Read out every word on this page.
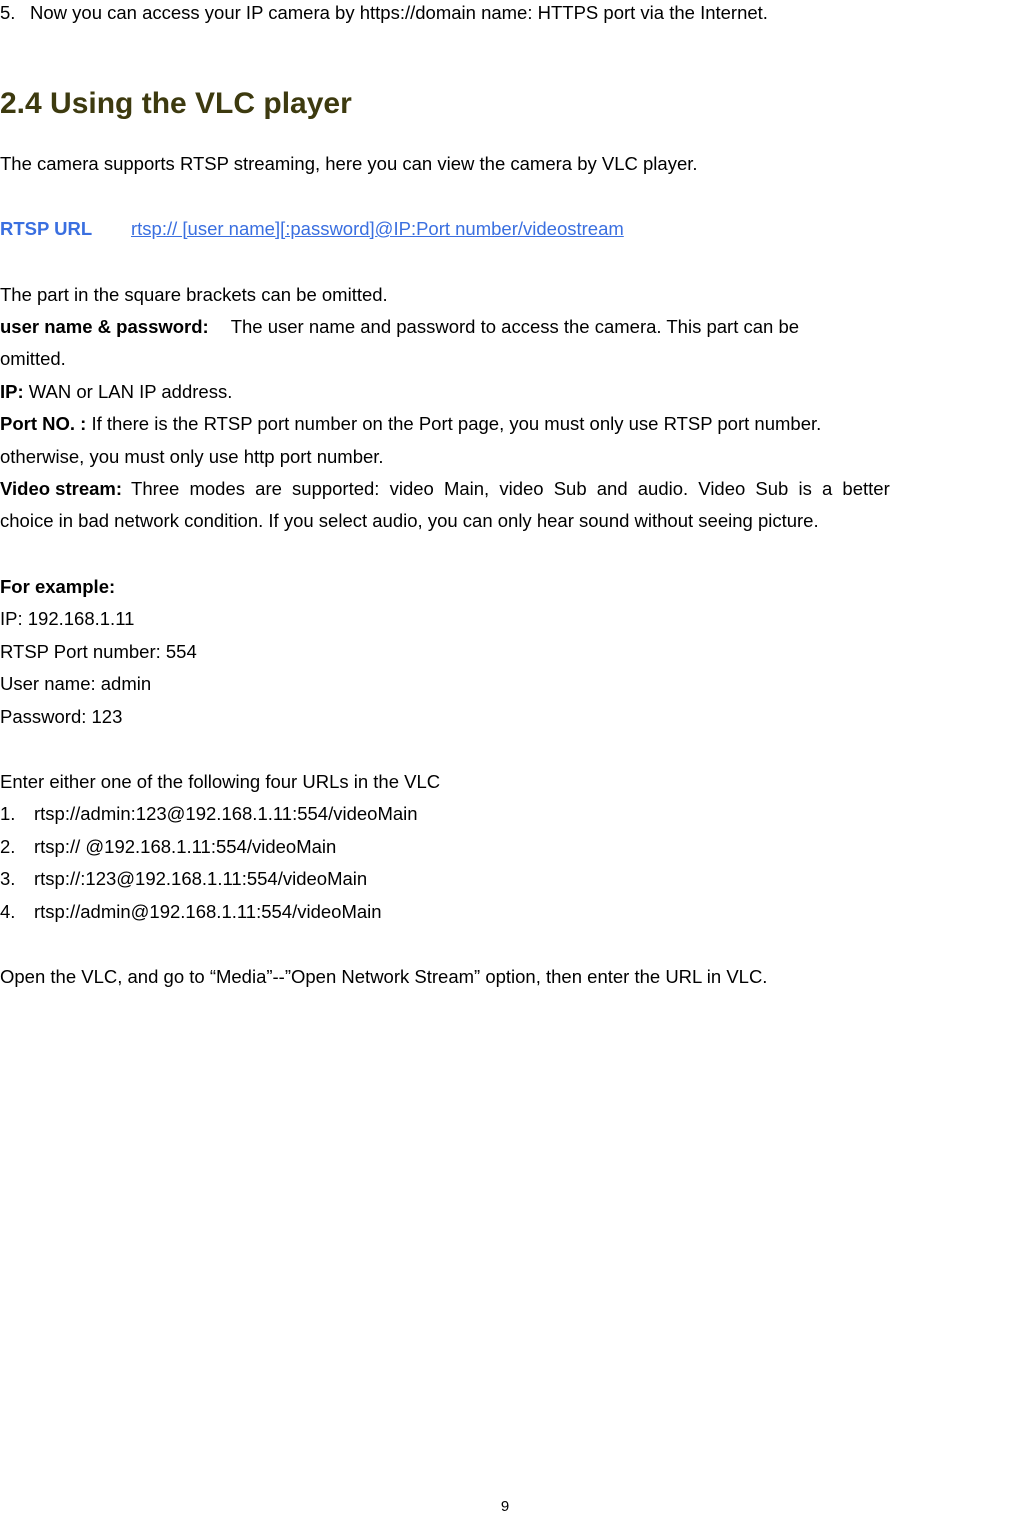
5. Now you can access your IP camera by https://domain name: HTTPS port via the Internet.
2.4 Using the VLC player
The camera supports RTSP streaming, here you can view the camera by VLC player.
RTSP URL rtsp:// [user name][:password]@IP:Port number/videostream
The part in the square brackets can be omitted.
user name & password: The user name and password to access the camera. This part can be
omitted.
IP: WAN or LAN IP address.
Port NO. : If there is the RTSP port number on the Port page, you must only use RTSP port number.
otherwise, you must only use http port number.
Video stream: Three modes are supported: video Main, video Sub and audio. Video Sub is a better
choice in bad network condition. If you select audio, you can only hear sound without seeing picture.
For example:
IP: 192.168.1.11
RTSP Port number: 554
User name: admin
Password: 123
Enter either one of the following four URLs in the VLC
1. rtsp://admin:123@192.168.1.11:554/videoMain
2. rtsp:// @192.168.1.11:554/videoMain
3. rtsp://:123@192.168.1.11:554/videoMain
4. rtsp://admin@192.168.1.11:554/videoMain
Open the VLC, and go to “Media”--”Open Network Stream” option, then enter the URL in VLC.
9
